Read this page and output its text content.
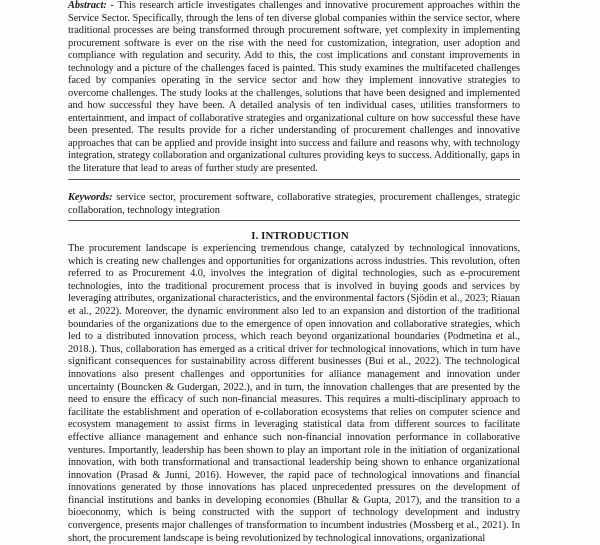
Abstract: - This research article investigates challenges and innovative procurement approaches within the Service Sector. Specifically, through the lens of ten diverse global companies within the service sector, where traditional processes are being transformed through procurement software, yet complexity in implementing procurement software is ever on the rise with the need for customization, integration, user adoption and compliance with regulation and security. Add to this, the cost implications and constant improvements in technology and a picture of the challenges faced is painted. This study examines the multifaceted challenges faced by companies operating in the service sector and how they implement innovative strategies to overcome challenges. The study looks at the challenges, solutions that have been designed and implemented and how successful they have been. A detailed analysis of ten individual cases, utilities transformers to entertainment, and impact of collaborative strategies and organizational culture on how successful these have been presented. The results provide for a richer understanding of procurement challenges and innovative approaches that can be applied and provide insight into success and failure and reasons why, with technology integration, strategy collaboration and organizational cultures providing keys to success. Additionally, gaps in the literature that lead to areas of further study are presented.

Keywords: service sector, procurement software, collaborative strategies, procurement challenges, strategic collaboration, technology integration

I. INTRODUCTION

The procurement landscape is experiencing tremendous change, catalyzed by technological innovations, which is creating new challenges and opportunities for organizations across industries. This revolution, often referred to as Procurement 4.0, involves the integration of digital technologies, such as e-procurement technologies, into the traditional procurement process that is involved in buying goods and services by leveraging attributes, organizational characteristics, and the environmental factors (Sjödin et al., 2023; Riauan et al., 2022). Moreover, the dynamic environment also led to an expansion and distortion of the traditional boundaries of the organizations due to the emergence of open innovation and collaborative strategies, which led to a distributed innovation process, which reach beyond organizational boundaries (Podmetina et al., 2018.). Thus, collaboration has emerged as a critical driver for technological innovations, which in turn have significant consequences for sustainability across different businesses (Bui et al., 2022). The technological innovations also present challenges and opportunities for alliance management and innovation under uncertainty (Bouncken & Gudergan, 2022.), and in turn, the innovation challenges that are presented by the need to ensure the efficacy of such non-financial measures. This requires a multi-disciplinary approach to facilitate the establishment and operation of e-collaboration ecosystems that relies on computer science and ecosystem management to assist firms in leveraging statistical data from different sources to facilitate effective alliance management and enhance such non-financial innovation performance in collaborative ventures. Importantly, leadership has been shown to play an important role in the initiation of organizational innovation, with both transformational and transactional leadership being shown to enhance organizational innovation (Prasad & Junni, 2016). However, the rapid pace of technological innovations and financial innovations generated by those innovations has placed unprecedented pressures on the development of financial institutions and banks in developing economies (Bhullar & Gupta, 2017), and the transition to a bioeconomy, which is being constructed with the support of technology development and industry convergence, presents major challenges of transformation to incumbent industries (Mossberg et al., 2021). In short, the procurement landscape is being revolutionized by technological innovations, organizational
